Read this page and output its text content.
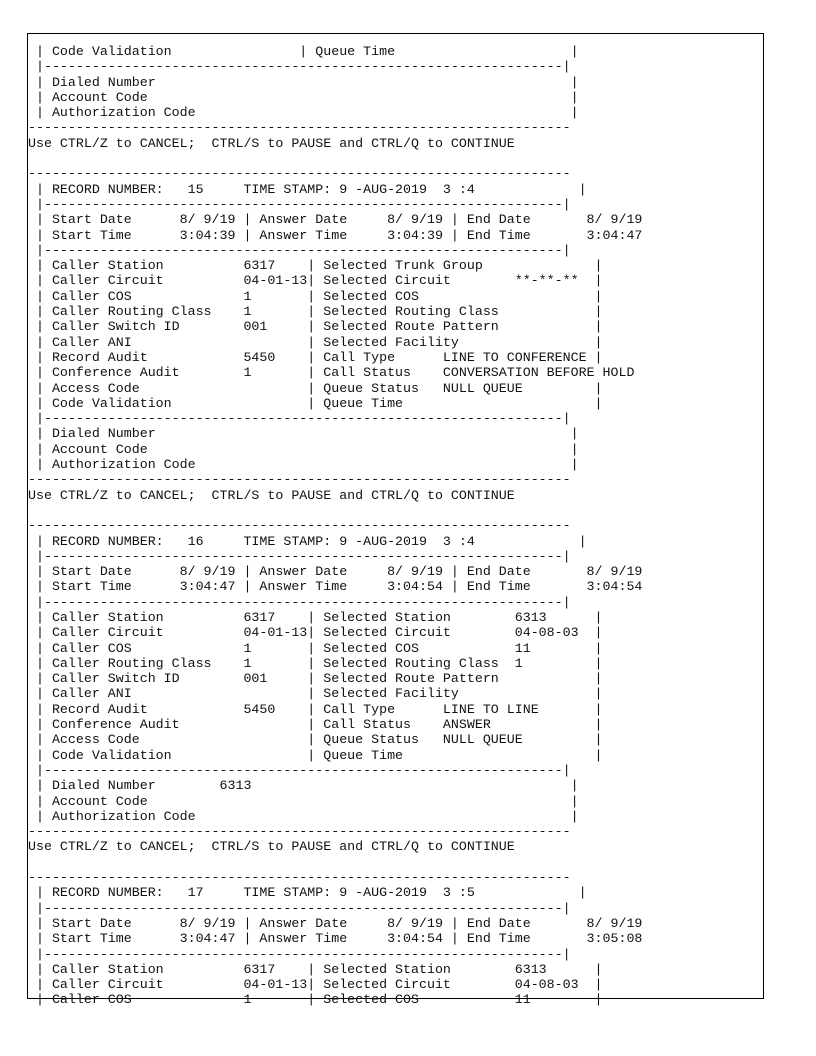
| Code Validation                | Queue Time                      |
|-----------------------------------------------------------------|
| Dialed Number                                                    |
| Account Code                                                     |
| Authorization Code                                               |
--------------------------------------------------------------------
Use CTRL/Z to CANCEL;  CTRL/S to PAUSE and CTRL/Q to CONTINUE
--------------------------------------------------------------------
| RECORD NUMBER:   15     TIME STAMP: 9 -AUG-2019  3 :4             |
|-----------------------------------------------------------------|
| Start Date      8/ 9/19 | Answer Date     8/ 9/19 | End Date       8/ 9/19
| Start Time      3:04:39 | Answer Time     3:04:39 | End Time       3:04:47
|-----------------------------------------------------------------|
| Caller Station          6317    | Selected Trunk Group              |
| Caller Circuit          04-01-13| Selected Circuit        **-**-**  |
| Caller COS              1       | Selected COS                      |
| Caller Routing Class    1       | Selected Routing Class            |
| Caller Switch ID        001     | Selected Route Pattern            |
| Caller ANI                      | Selected Facility                 |
| Record Audit            5450    | Call Type      LINE TO CONFERENCE |
| Conference Audit        1       | Call Status    CONVERSATION BEFORE HOLD
| Access Code                     | Queue Status   NULL QUEUE         |
| Code Validation                 | Queue Time                        |
|-----------------------------------------------------------------|
| Dialed Number                                                    |
| Account Code                                                     |
| Authorization Code                                               |
--------------------------------------------------------------------
Use CTRL/Z to CANCEL;  CTRL/S to PAUSE and CTRL/Q to CONTINUE
--------------------------------------------------------------------
| RECORD NUMBER:   16     TIME STAMP: 9 -AUG-2019  3 :4             |
|-----------------------------------------------------------------|
| Start Date      8/ 9/19 | Answer Date     8/ 9/19 | End Date       8/ 9/19
| Start Time      3:04:47 | Answer Time     3:04:54 | End Time       3:04:54
|-----------------------------------------------------------------|
| Caller Station          6317    | Selected Station        6313      |
| Caller Circuit          04-01-13| Selected Circuit        04-08-03  |
| Caller COS              1       | Selected COS            11        |
| Caller Routing Class    1       | Selected Routing Class  1         |
| Caller Switch ID        001     | Selected Route Pattern            |
| Caller ANI                      | Selected Facility                 |
| Record Audit            5450    | Call Type      LINE TO LINE       |
| Conference Audit                | Call Status    ANSWER             |
| Access Code                     | Queue Status   NULL QUEUE         |
| Code Validation                 | Queue Time                        |
|-----------------------------------------------------------------|
| Dialed Number        6313                                        |
| Account Code                                                     |
| Authorization Code                                               |
--------------------------------------------------------------------
Use CTRL/Z to CANCEL;  CTRL/S to PAUSE and CTRL/Q to CONTINUE
--------------------------------------------------------------------
| RECORD NUMBER:   17     TIME STAMP: 9 -AUG-2019  3 :5             |
|-----------------------------------------------------------------|
| Start Date      8/ 9/19 | Answer Date     8/ 9/19 | End Date       8/ 9/19
| Start Time      3:04:47 | Answer Time     3:04:54 | End Time       3:05:08
|-----------------------------------------------------------------|
| Caller Station          6317    | Selected Station        6313      |
| Caller Circuit          04-01-13| Selected Circuit        04-08-03  |
| Caller COS              1       | Selected COS            11        |
